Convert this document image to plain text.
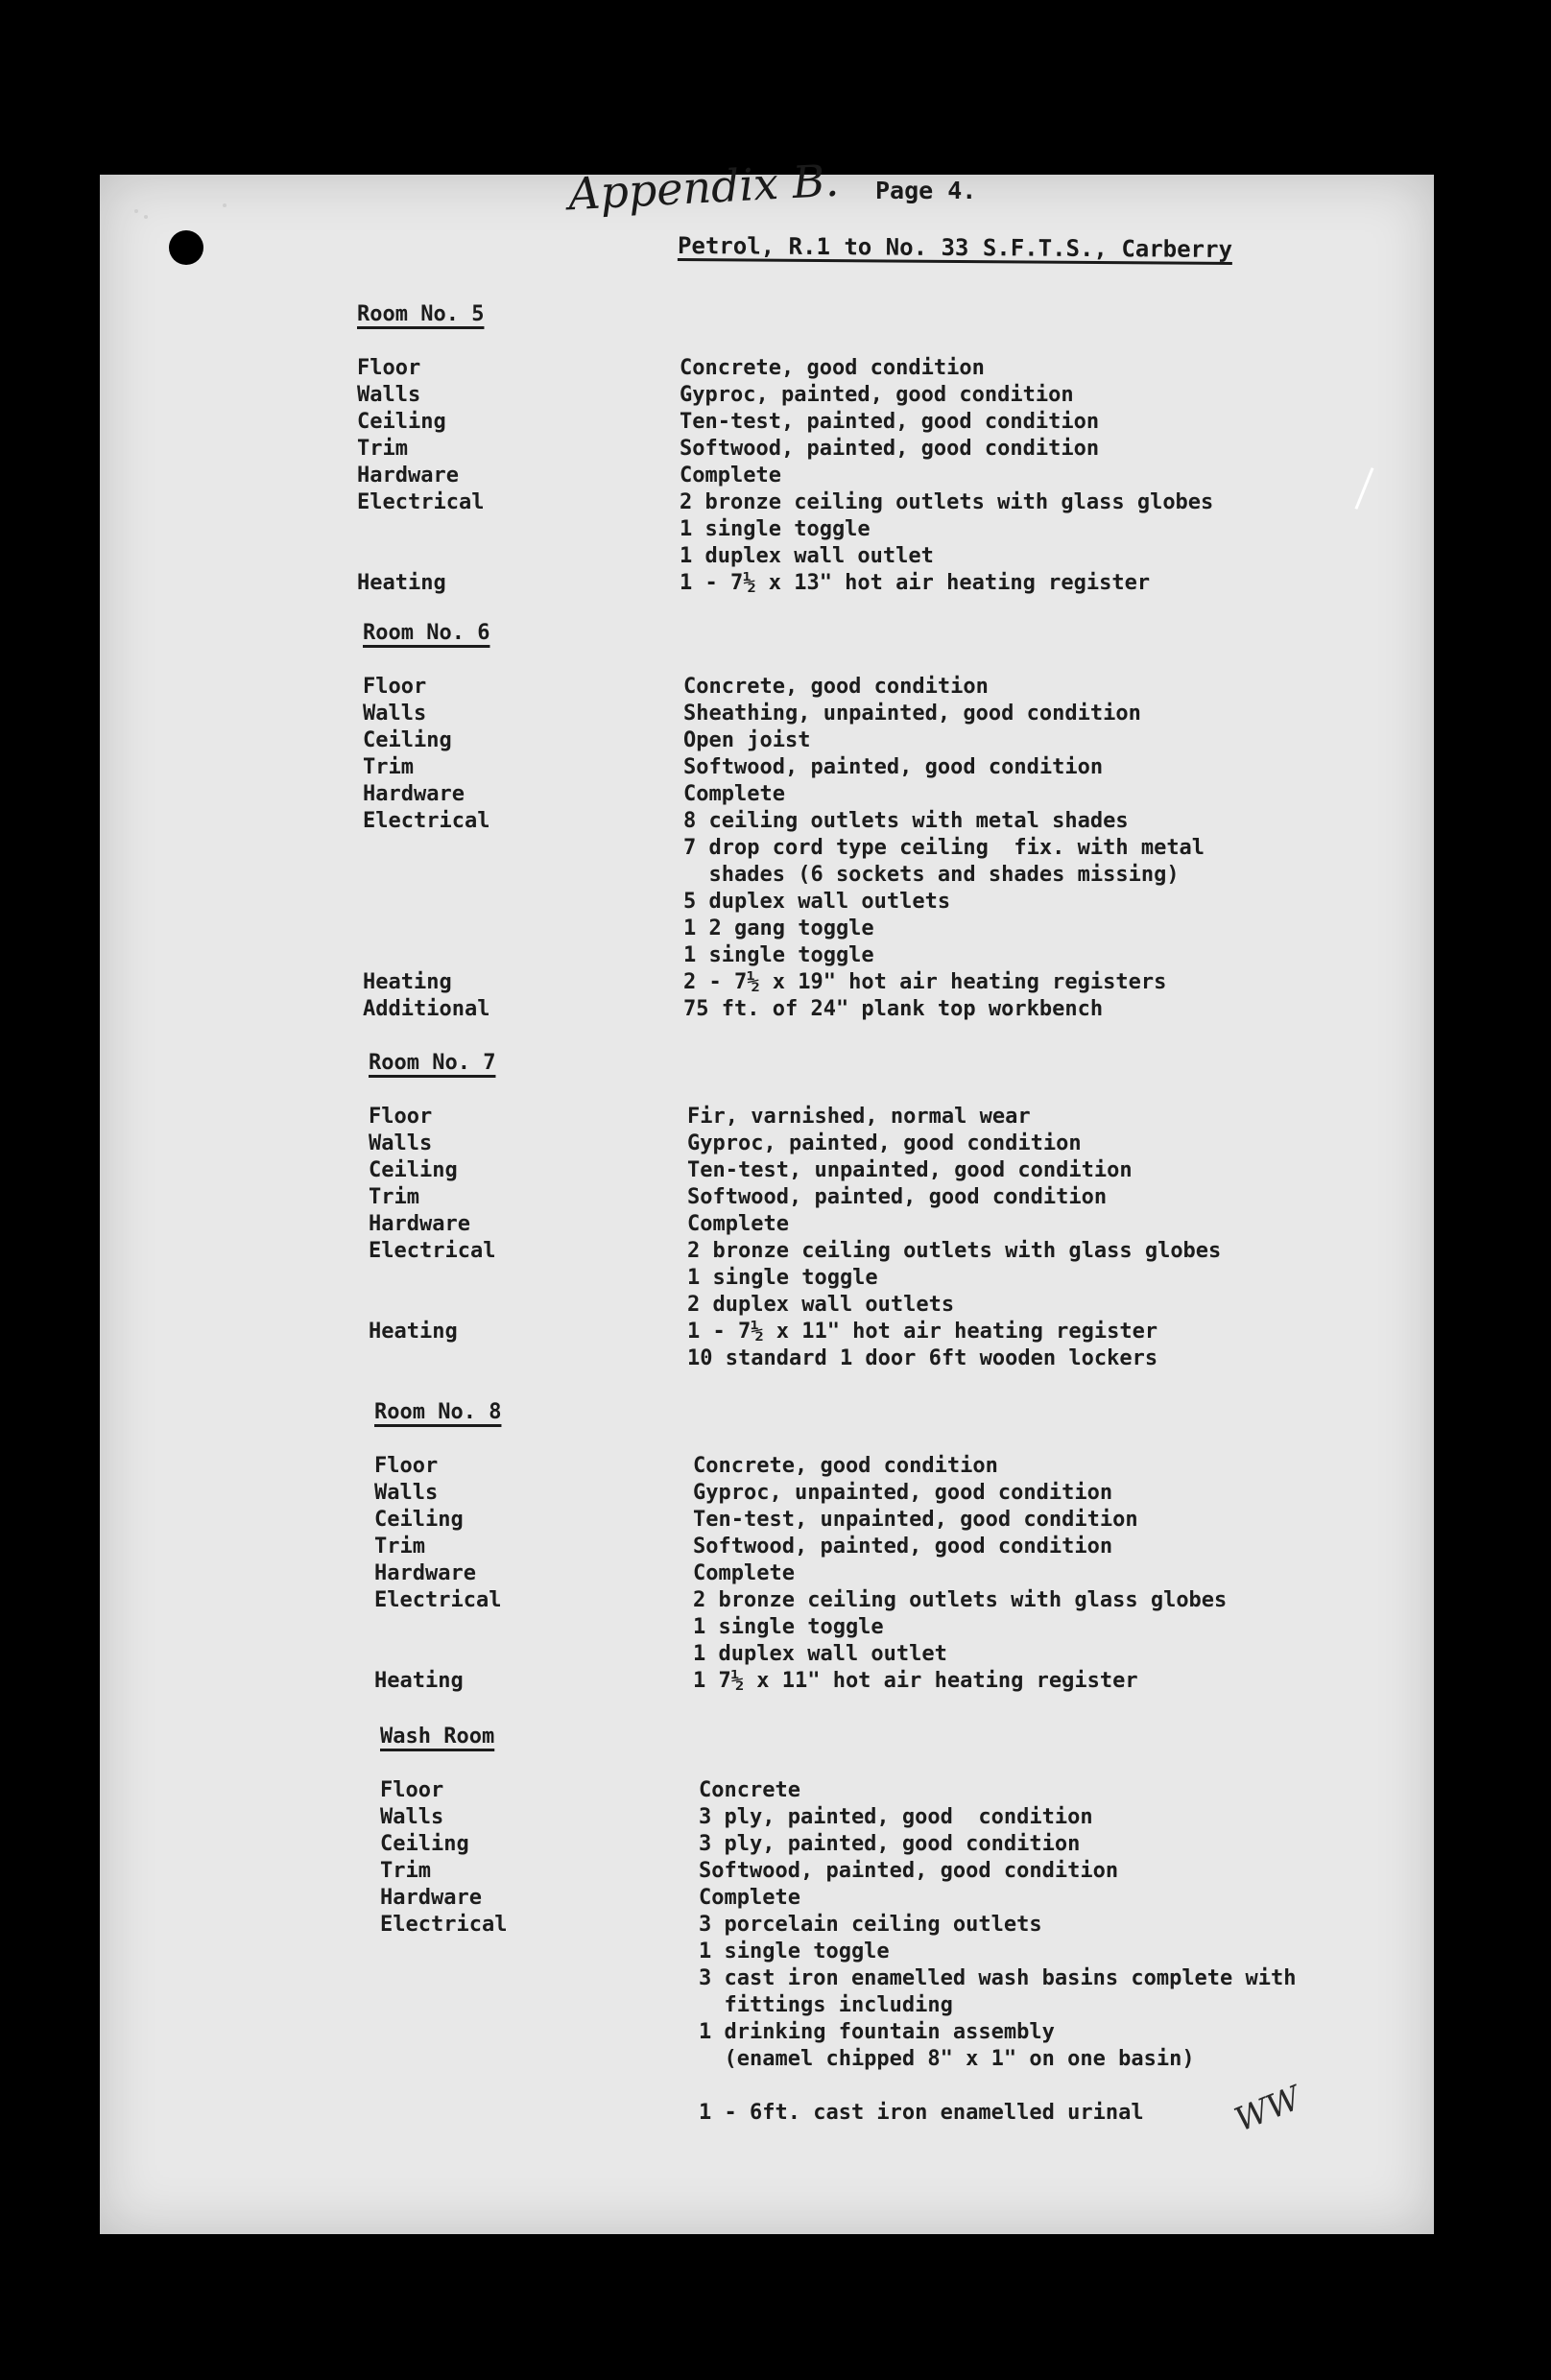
Appendix B. Page 4.
Petrol, R.1 to No. 33 S.F.T.S., Carberry
Room No. 5
Floor	Concrete, good condition
Walls	Gyproc, painted, good condition
Ceiling	Ten-test, painted, good condition
Trim	Softwood, painted, good condition
Hardware	Complete
Electrical	2 bronze ceiling outlets with glass globes
1 single toggle
1 duplex wall outlet
Heating	1 - 7½ x 13" hot air heating register
Room No. 6
Floor	Concrete, good condition
Walls	Sheathing, unpainted, good condition
Ceiling	Open joist
Trim	Softwood, painted, good condition
Hardware	Complete
Electrical	8 ceiling outlets with metal shades
7 drop cord type ceiling  fix. with metal
shades (6 sockets and shades missing)
5 duplex wall outlets
1 2 gang toggle
1 single toggle
Heating	2 - 7½ x 19" hot air heating registers
Additional	75 ft. of 24" plank top workbench
Room No. 7
Floor	Fir, varnished, normal wear
Walls	Gyproc, painted, good condition
Ceiling	Ten-test, unpainted, good condition
Trim	Softwood, painted, good condition
Hardware	Complete
Electrical	2 bronze ceiling outlets with glass globes
1 single toggle
2 duplex wall outlets
Heating	1 - 7½ x 11" hot air heating register
10 standard 1 door 6ft wooden lockers
Room No. 8
Floor	Concrete, good condition
Walls	Gyproc, unpainted, good condition
Ceiling	Ten-test, unpainted, good condition
Trim	Softwood, painted, good condition
Hardware	Complete
Electrical	2 bronze ceiling outlets with glass globes
1 single toggle
1 duplex wall outlet
Heating	1 7½ x 11" hot air heating register
Wash Room
Floor	Concrete
Walls	3 ply, painted, good  condition
Ceiling	3 ply, painted, good condition
Trim	Softwood, painted, good condition
Hardware	Complete
Electrical	3 porcelain ceiling outlets
1 single toggle
3 cast iron enamelled wash basins complete with
fittings including
1 drinking fountain assembly
(enamel chipped 8" x 1" on one basin)
1 - 6ft. cast iron enamelled urinal	WW
